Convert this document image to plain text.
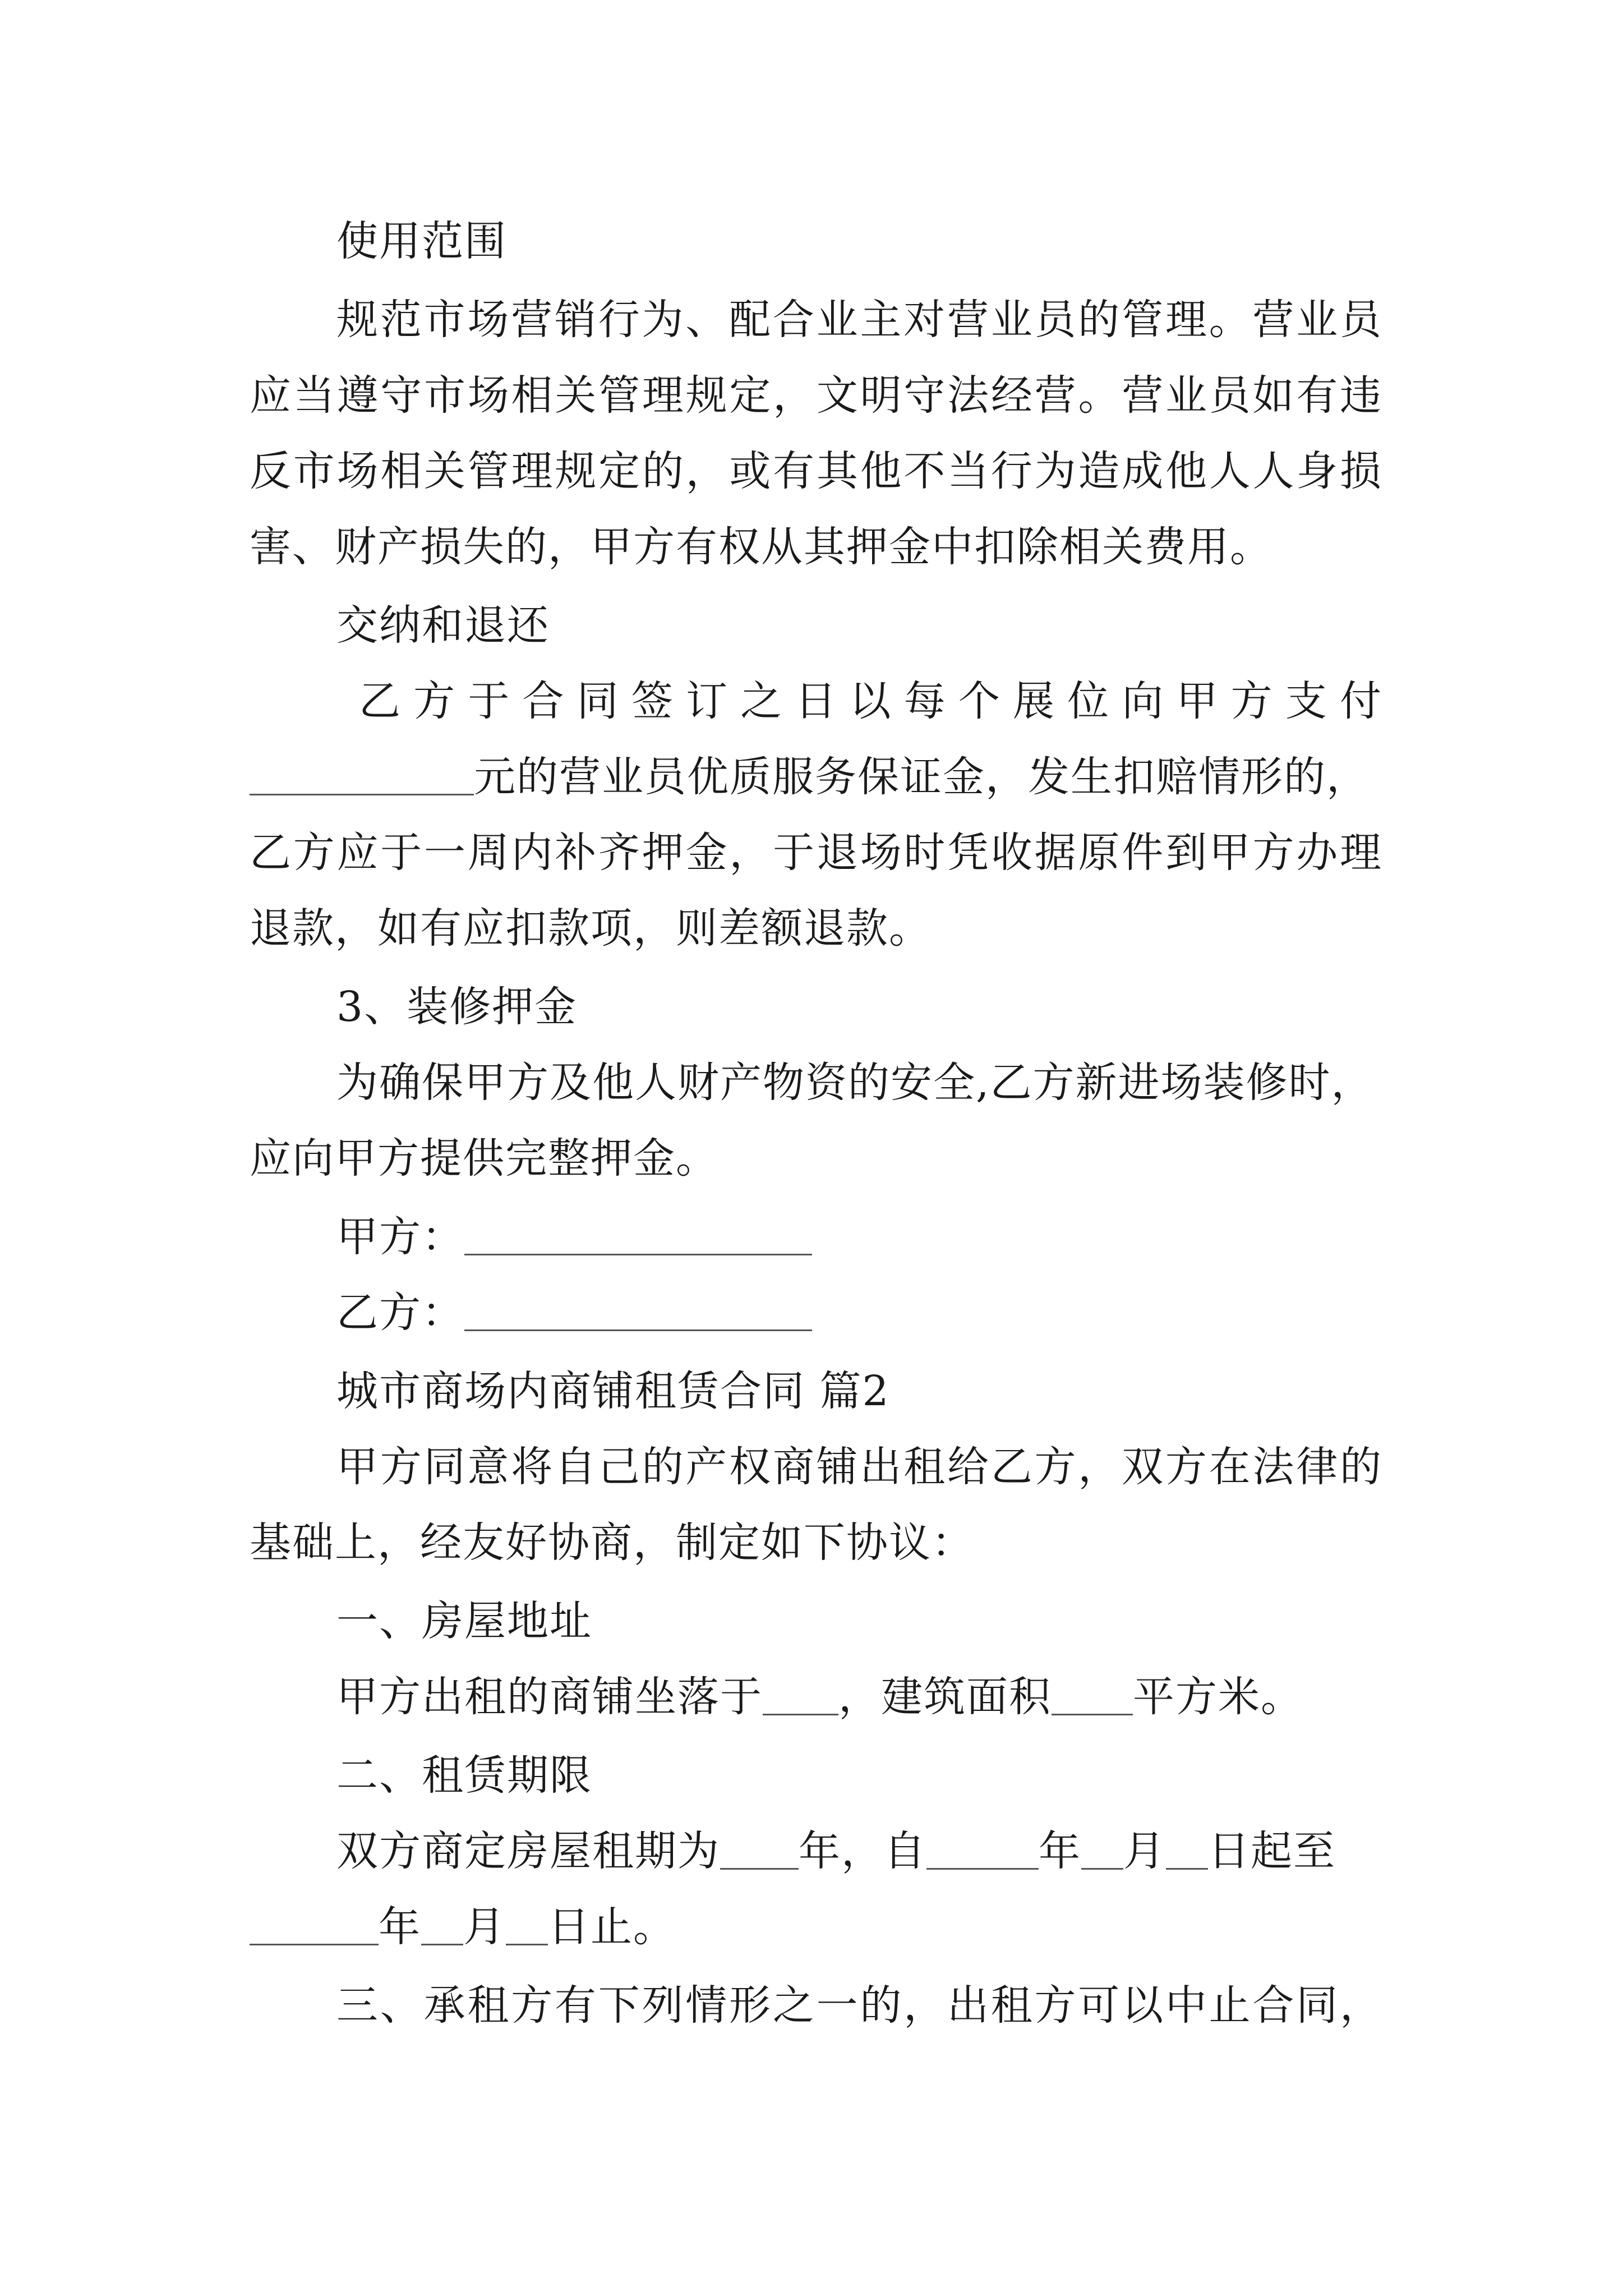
使用范围
规范市场营销行为、配合业主对营业员的管理。营业员
应当遵守市场相关管理规定，文明守法经营。营业员如有违
反市场相关管理规定的，或有其他不当行为造成他人人身损
害、财产损失的，甲方有权从其押金中扣除相关费用。
交纳和退还
乙方于合同签订之日以每个展位向甲方支付
元的营业员优质服务保证金，发生扣赔情形的，
乙方应于一周内补齐押金，于退场时凭收据原件到甲方办理
退款，如有应扣款项，则差额退款。
3、装修押金
为确保甲方及他人财产物资的安全,乙方新进场装修时，
应向甲方提供完整押金。
甲方：
乙方：
城市商场内商铺租赁合同 篇2
甲方同意将自己的产权商铺出租给乙方，双方在法律的
基础上，经友好协商，制定如下协议：
一、房屋地址
甲方出租的商铺坐落于 ，建筑面积 平方米。
二、租赁期限
双方商定房屋租期为 年，自	年 月 日起至
年 月 日止。
三、承租方有下列情形之一的，出租方可以中止合同，
